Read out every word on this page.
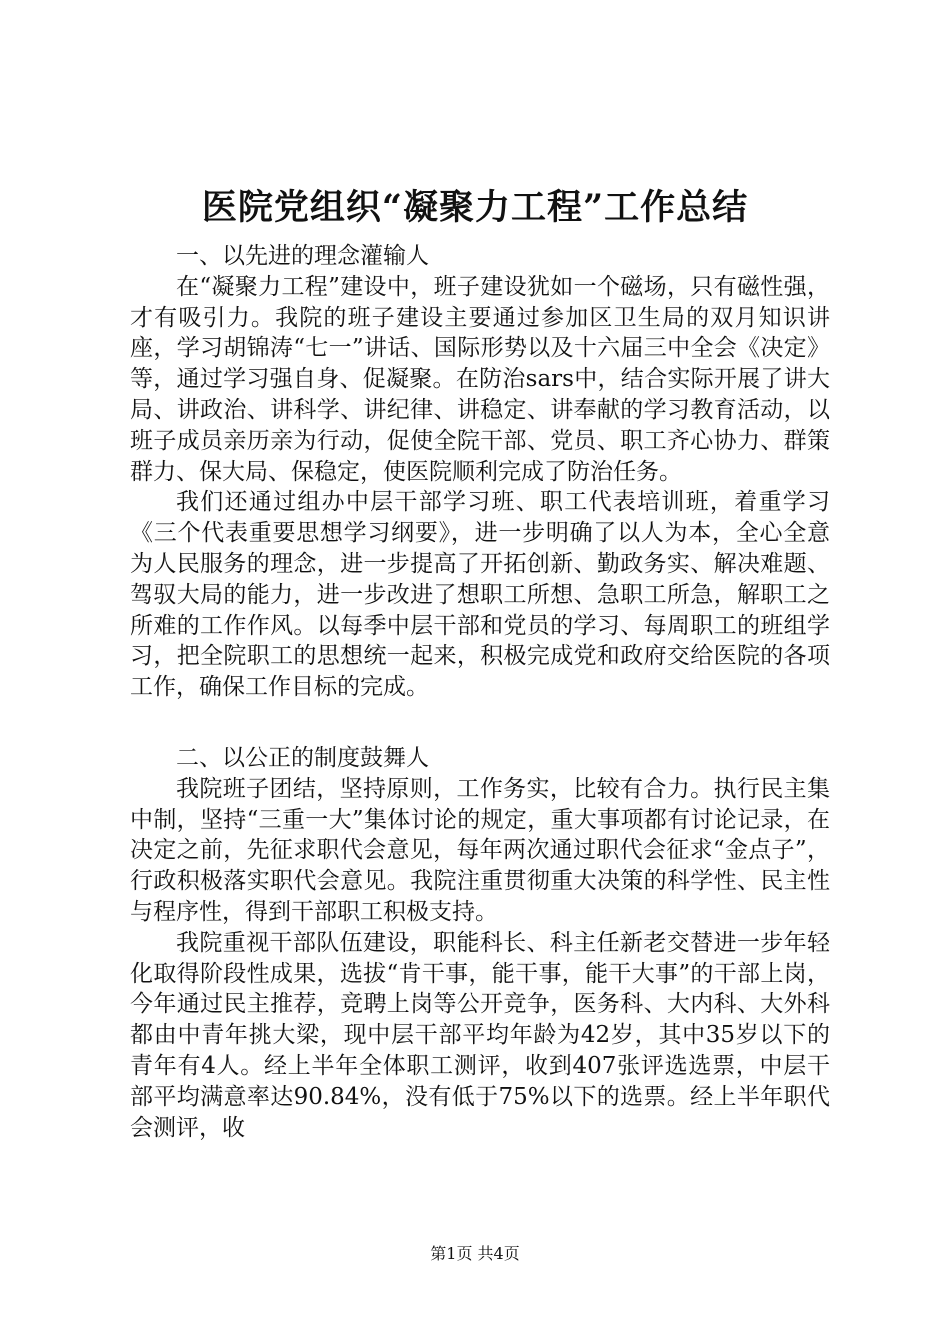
医院党组织“凝聚力工程”工作总结

一、以先进的理念灌输人

在“凝聚力工程”建设中，班子建设犹如一个磁场，只有磁性强，才有吸引力。我院的班子建设主要通过参加区卫生局的双月知识讲座，学习胡锦涛“七一”讲话、国际形势以及十六届三中全会《决定》等，通过学习强自身、促凝聚。在防治sars中，结合实际开展了讲大局、讲政治、讲科学、讲纪律、讲稳定、讲奉献的学习教育活动，以班子成员亲历亲为行动，促使全院干部、党员、职工齐心协力、群策群力、保大局、保稳定，使医院顺利完成了防治任务。

我们还通过组办中层干部学习班、职工代表培训班，着重学习《三个代表重要思想学习纲要》，进一步明确了以人为本，全心全意为人民服务的理念，进一步提高了开拓创新、勤政务实、解决难题、驾驭大局的能力，进一步改进了想职工所想、急职工所急，解职工之所难的工作作风。以每季中层干部和党员的学习、每周职工的班组学习，把全院职工的思想统一起来，积极完成党和政府交给医院的各项工作，确保工作目标的完成。

二、以公正的制度鼓舞人

我院班子团结，坚持原则，工作务实，比较有合力。执行民主集中制，坚持“三重一大”集体讨论的规定，重大事项都有讨论记录，在决定之前，先征求职代会意见，每年两次通过职代会征求“金点子”，行政积极落实职代会意见。我院注重贯彻重大决策的科学性、民主性与程序性，得到干部职工积极支持。

我院重视干部队伍建设，职能科长、科主任新老交替进一步年轻化取得阶段性成果，选拔“肯干事，能干事，能干大事”的干部上岗，今年通过民主推荐，竞聘上岗等公开竞争，医务科、大内科、大外科都由中青年挑大梁，现中层干部平均年龄为42岁，其中35岁以下的青年有4人。经上半年全体职工测评，收到407张评选选票，中层干部平均满意率达90.84%，没有低于75%以下的选票。经上半年职代会测评，收

第1页 共4页
